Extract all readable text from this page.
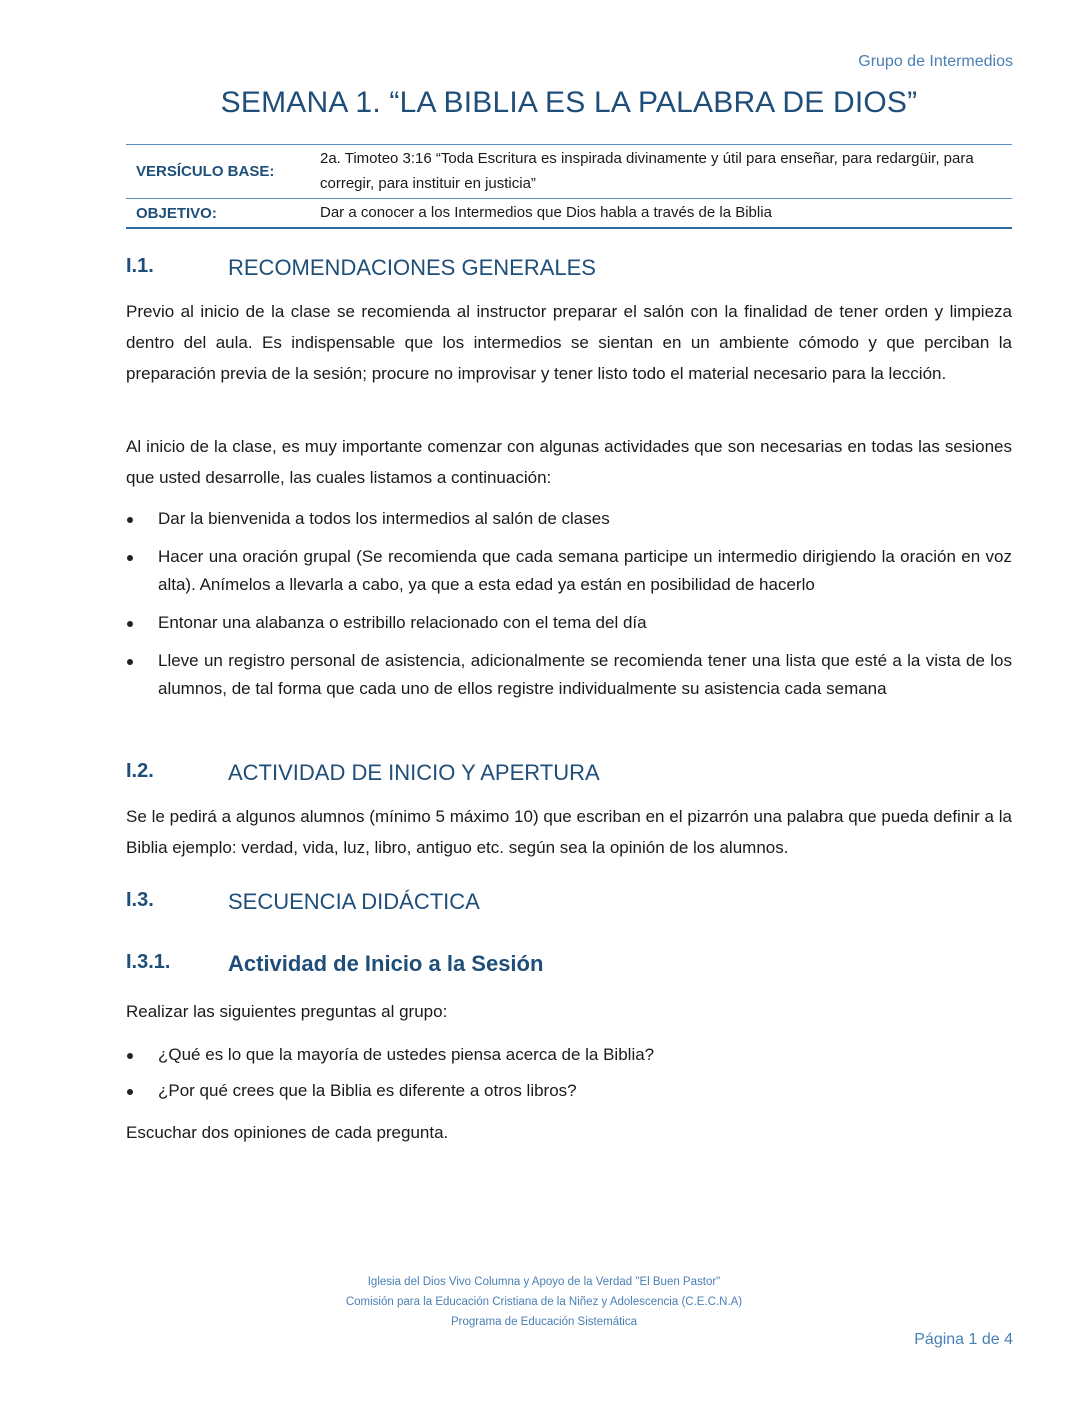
Grupo de Intermedios
SEMANA 1. “LA BIBLIA ES LA PALABRA DE DIOS”
VERSÍCULO BASE:
2a. Timoteo 3:16 “Toda Escritura es inspirada divinamente y útil para enseñar, para redargüir, para corregir, para instituir en justicia”
OBJETIVO:	Dar a conocer a los Intermedios que Dios habla a través de la Biblia
I.1.	RECOMENDACIONES GENERALES

Previo al inicio de la clase se recomienda al instructor preparar el salón con la finalidad de tener orden y limpieza dentro del aula. Es indispensable que los intermedios se sientan en un ambiente cómodo y que perciban la preparación previa de la sesión; procure no improvisar y tener listo todo el material necesario para la lección.

Al inicio de la clase, es muy importante comenzar con algunas actividades que son necesarias en todas las sesiones que usted desarrolle, las cuales listamos a continuación:

Dar la bienvenida a todos los intermedios al salón de clases
Hacer una oración grupal (Se recomienda que cada semana participe un intermedio dirigiendo la oración en voz alta). Anímelos a llevarla a cabo, ya que a esta edad ya están en posibilidad de hacerlo
Entonar una alabanza o estribillo relacionado con el tema del día
Lleve un registro personal de asistencia, adicionalmente se recomienda tener una lista que esté a la vista de los alumnos, de tal forma que cada uno de ellos registre individualmente su asistencia cada semana
I.2.	ACTIVIDAD DE INICIO Y APERTURA

Se le pedirá a algunos alumnos (mínimo 5 máximo 10) que escriban en el pizarrón una palabra que pueda definir a la Biblia ejemplo: verdad, vida, luz, libro, antiguo etc. según sea la opinión de los alumnos.

I.3.	SECUENCIA DIDÁCTICA
I.3.1.	Actividad de Inicio a la Sesión

Realizar las siguientes preguntas al grupo:

¿Qué es lo que la mayoría de ustedes piensa acerca de la Biblia?
¿Por qué crees que la Biblia es diferente a otros libros?

Escuchar dos opiniones de cada pregunta.

Iglesia del Dios Vivo Columna y Apoyo de la Verdad "El Buen Pastor"
Comisión para la Educación Cristiana de la Niñez y Adolescencia (C.E.C.N.A)
Programa de Educación Sistemática
Página 1 de 4
